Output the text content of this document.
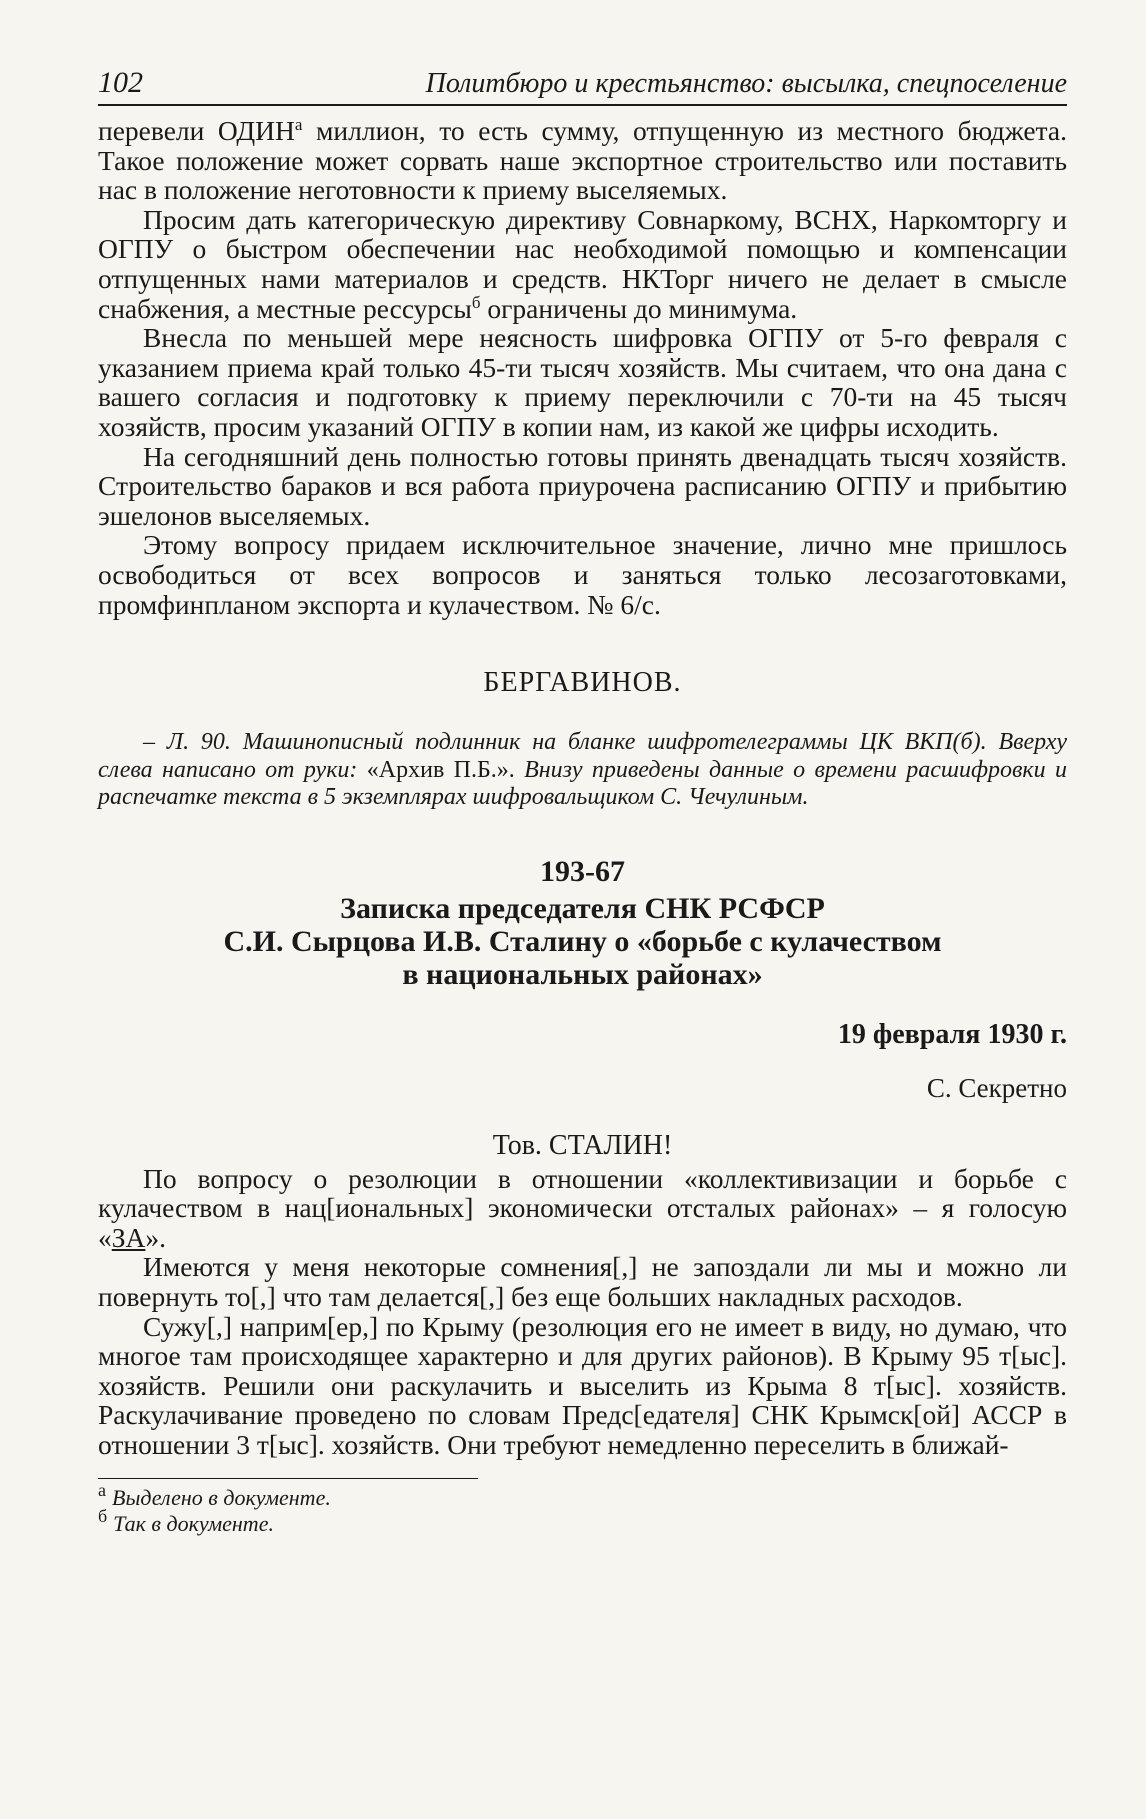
102	Политбюро и крестьянство: высылка, спецпоселение

перевели $ОДИН^а$ миллион, то есть сумму, отпущенную из местного бюджета. Такое положение может сорвать наше экспортное строительство или поставить нас в положение неготовности к приему выселяемых.

Просим дать категорическую директиву Совнаркому, ВСНХ, Наркомторгу и ОГПУ о быстром обеспечении нас необходимой помощью и компенсации отпущенных нами материалов и средств. НКТорг ничего не делает в смысле снабжения, а местные рессурсы$^б$ ограничены до минимума.

Внесла по меньшей мере неясность шифровка ОГПУ от 5-го февраля с указанием приема край только 45-ти тысяч хозяйств. Мы считаем, что она дана с вашего согласия и подготовку к приему переключили с 70-ти на 45 тысяч хозяйств, просим указаний ОГПУ в копии нам, из какой же цифры исходить.

На сегодняшний день полностью готовы принять двенадцать тысяч хозяйств. Строительство бараков и вся работа приурочена расписанию ОГПУ и прибытию эшелонов выселяемых.

Этому вопросу придаем исключительное значение, лично мне пришлось освободиться от всех вопросов и заняться только лесозаготовками, промфинпланом экспорта и кулачеством. № 6/с.

БЕРГАВИНОВ.
– Л. 90. Машинописный подлинник на бланке шифротелеграммы ЦК ВКП(б). Вверху слева написано от руки: «Архив П.Б.». Внизу приведены данные о времени расшифровки и распечатке текста в 5 экземплярах шифровальщиком С. Чечулиным.
193-67
Записка председателя СНК РСФСР
С.И. Сырцова И.В. Сталину о «борьбе с кулачеством
в национальных районах»
19 февраля 1930 г.
С. Секретно
Тов. СТАЛИН!

По вопросу о резолюции в отношении «коллективизации и борьбе с кулачеством в нац[иональных] экономически отсталых районах» – я голосую «ЗА».

Имеются у меня некоторые сомнения[,] не запоздали ли мы и можно ли повернуть то[,] что там делается[,] без еще больших накладных расходов.

Сужу[,] наприм[ер,] по Крыму (резолюция его не имеет в виду, но думаю, что многое там происходящее характерно и для других районов). В Крыму 95 т[ыс]. хозяйств. Решили они раскулачить и выселить из Крыма 8 т[ыс]. хозяйств. Раскулачивание проведено по словам Предс[едателя] СНК Крымск[ой] АССР в отношении 3 т[ыс]. хозяйств. Они требуют немедленно переселить в ближай-

$^а$ Выделено в документе.
$^б$ Так в документе.
